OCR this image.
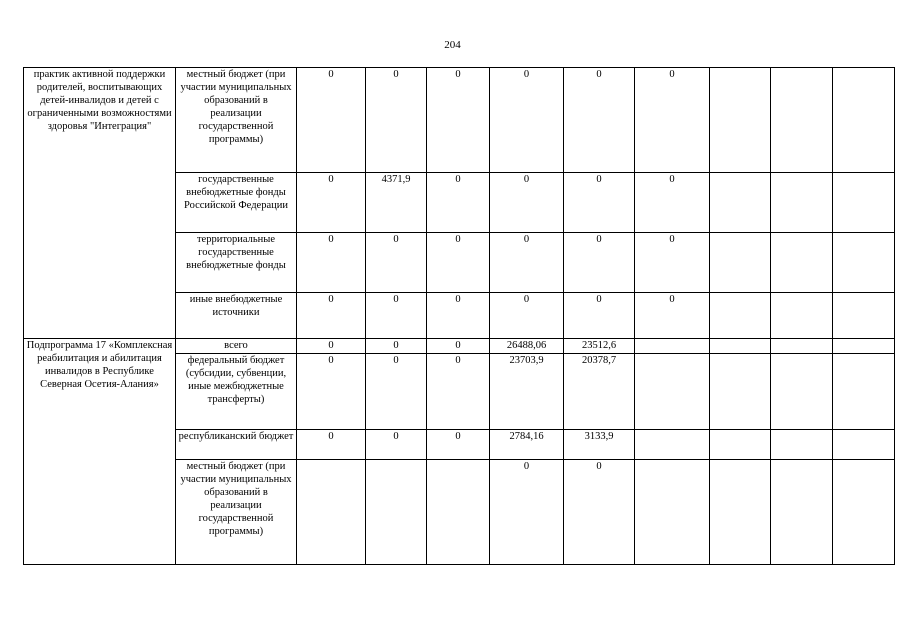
204
практик активной поддержки родителей, воспитывающих детей-инвалидов и детей с ограниченными возможностями здоровья "Интеграция"	местный бюджет (при участии муниципальных образований в реализации государственной программы)	0	0	0	0	0	0			
	государственные внебюджетные фонды Российской Федерации	0	4371,9	0	0	0	0			
	территориальные государственные внебюджетные фонды	0	0	0	0	0	0			
	иные внебюджетные источники	0	0	0	0	0	0			
Подпрограмма 17 «Комплексная реабилитация и абилитация инвалидов в Республике Северная Осетия-Алания»	всего	0	0	0	26488,06	23512,6				
	федеральный бюджет (субсидии, субвенции, иные межбюджетные трансферты)	0	0	0	23703,9	20378,7				
	республиканский бюджет	0	0	0	2784,16	3133,9				
	местный бюджет (при участии муниципальных образований в реализации государственной программы)				0	0				
